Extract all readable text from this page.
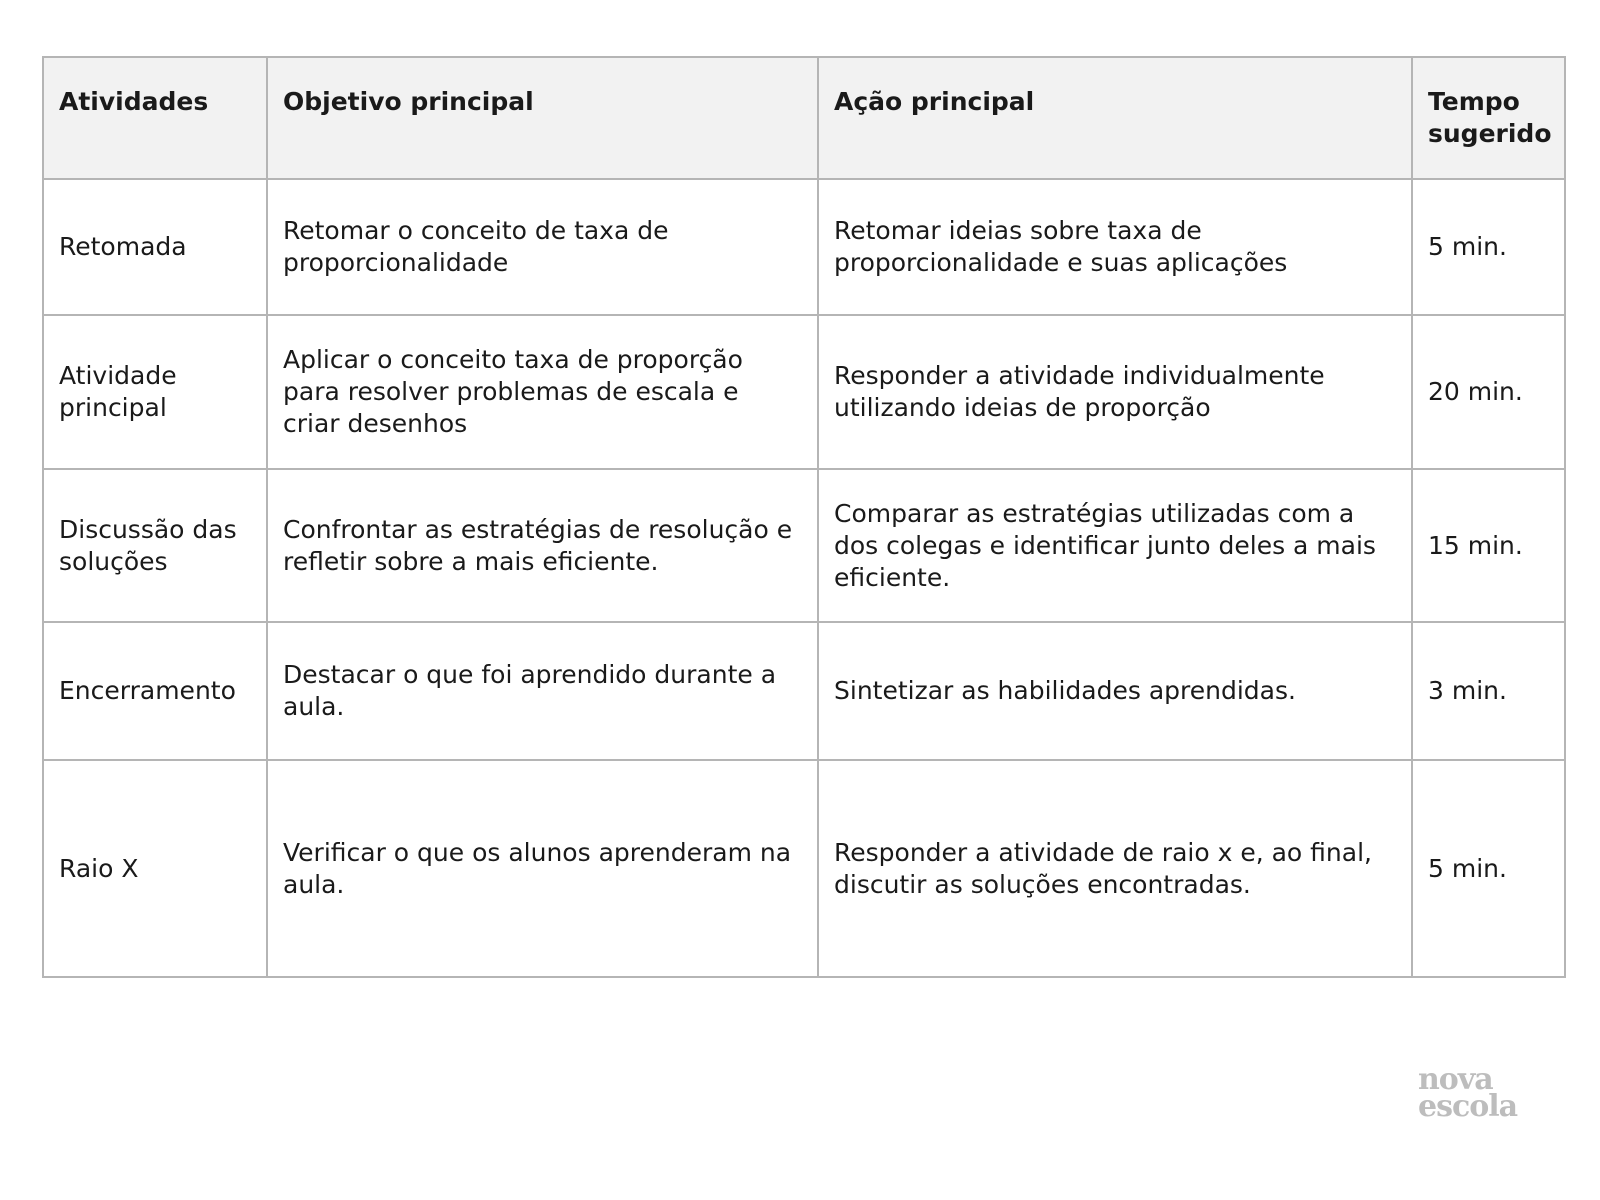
Atividades	Objetivo principal	Ação principal	Tempo sugerido
Retomada	Retomar o conceito de taxa de proporcionalidade	Retomar ideias sobre taxa de proporcionalidade e suas aplicações	5 min.
Atividade principal	Aplicar o conceito taxa de proporção para resolver problemas de escala e criar desenhos	Responder a atividade individualmente utilizando ideias de proporção	20 min.
Discussão das soluções	Confrontar as estratégias de resolução e refletir sobre a mais eficiente.	Comparar as estratégias utilizadas com a dos colegas e identificar junto deles a mais eficiente.	15 min.
Encerramento	Destacar o que foi aprendido durante a aula.	Sintetizar as habilidades aprendidas.	3 min.
Raio X	Verificar o que os alunos aprenderam na aula.	Responder a atividade de raio x e, ao final, discutir as soluções encontradas.	5 min.
nova
escola
